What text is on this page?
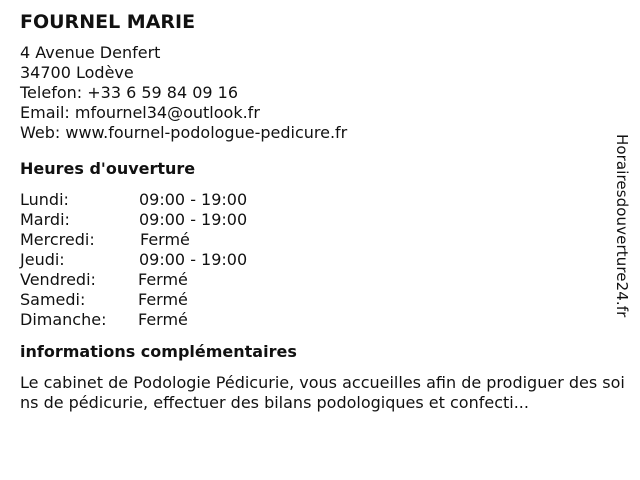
FOURNEL MARIE
4 Avenue Denfert
34700 Lodève
Telefon: +33 6 59 84 09 16
Email: mfournel34@outlook.fr
Web: www.fournel-podologue-pedicure.fr
Heures d'ouverture
Lundi:	09:00 - 19:00
Mardi:	09:00 - 19:00
Mercredi:	Fermé
Jeudi:	09:00 - 19:00
Vendredi:	Fermé
Samedi:	Fermé
Dimanche: Fermé
informations complémentaires
Le cabinet de Podologie Pédicurie, vous accueilles afin de prodiguer des soins de pédicurie, effectuer des bilans podologiques et confecti...
Horairesdouverture24.fr
